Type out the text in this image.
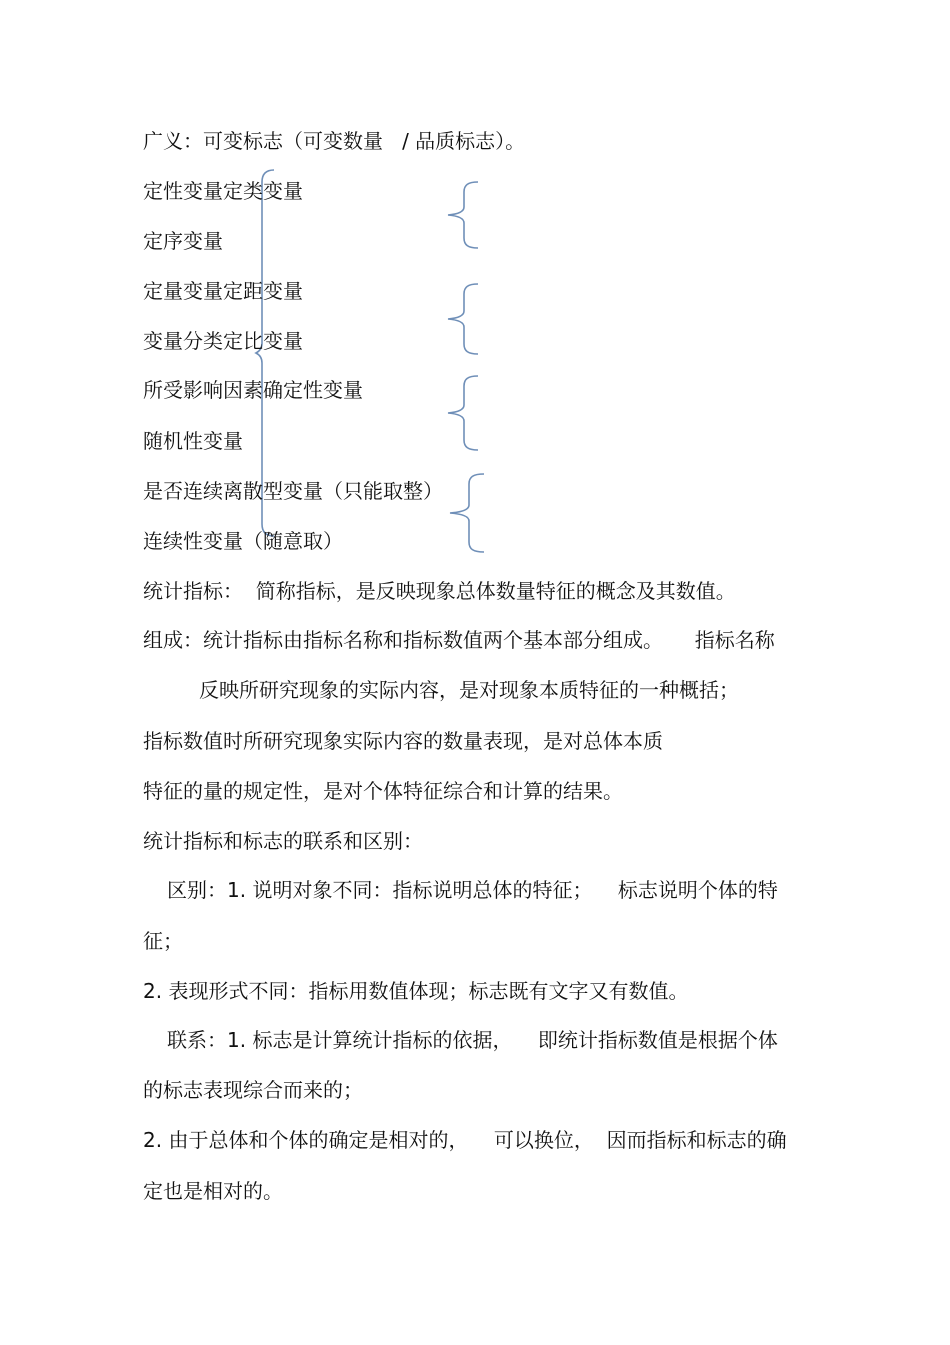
广义：可变标志（可变数量   / 品质标志）。

定性变量定类变量

定序变量

定量变量定距变量

变量分类定比变量

所受影响因素确定性变量

随机性变量

是否连续离散型变量（只能取整）

连续性变量（随意取）

统计指标：  简称指标，是反映现象总体数量特征的概念及其数值。

组成：统计指标由指标名称和指标数值两个基本部分组成。     指标名称

反映所研究现象的实际内容，是对现象本质特征的一种概括；

指标数值时所研究现象实际内容的数量表现，是对总体本质

特征的量的规定性，是对个体特征综合和计算的结果。

统计指标和标志的联系和区别：

区别：1. 说明对象不同：指标说明总体的特征；    标志说明个体的特

征；

2. 表现形式不同：指标用数值体现；标志既有文字又有数值。

联系：1. 标志是计算统计指标的依据，    即统计指标数值是根据个体

的标志表现综合而来的；

2. 由于总体和个体的确定是相对的，    可以换位，  因而指标和标志的确

定也是相对的。
